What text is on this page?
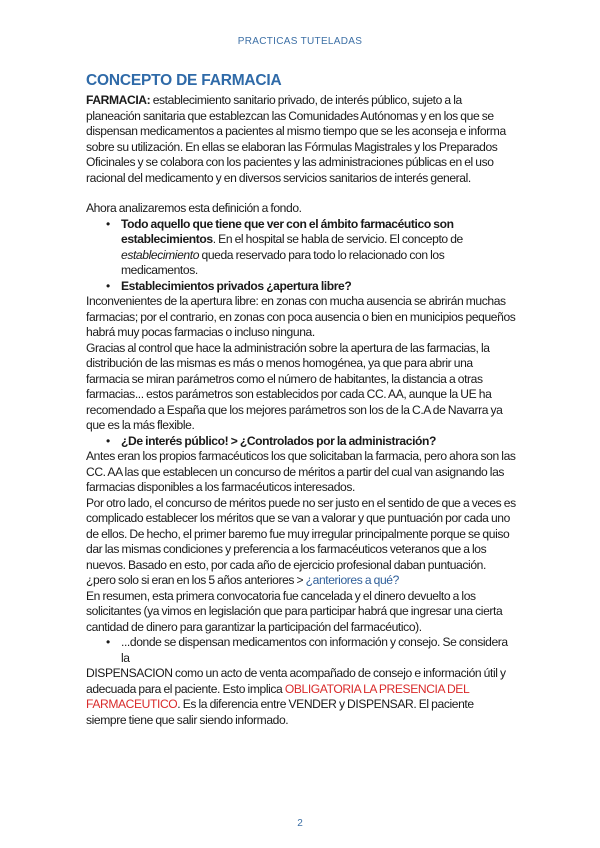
PRACTICAS TUTELADAS
CONCEPTO DE FARMACIA

FARMACIA: establecimiento sanitario privado, de interés público, sujeto a la planeación sanitaria que establezcan las Comunidades Autónomas y en los que se dispensan medicamentos a pacientes al mismo tiempo que se les aconseja e informa sobre su utilización. En ellas se elaboran las Fórmulas Magistrales y los Preparados Oficinales y se colabora con los pacientes y las administraciones públicas en el uso racional del medicamento y en diversos servicios sanitarios de interés general.

Ahora analizaremos esta definición a fondo.

• Todo aquello que tiene que ver con el ámbito farmacéutico son establecimientos. En el hospital se habla de servicio. El concepto de establecimiento queda reservado para todo lo relacionado con los medicamentos.
• Establecimientos privados ¿apertura libre?

Inconvenientes de la apertura libre: en zonas con mucha ausencia se abrirán muchas farmacias; por el contrario, en zonas con poca ausencia o bien en municipios pequeños habrá muy pocas farmacias o incluso ninguna.

Gracias al control que hace la administración sobre la apertura de las farmacias, la distribución de las mismas es más o menos homogénea, ya que para abrir una farmacia se miran parámetros como el número de habitantes, la distancia a otras farmacias... estos parámetros son establecidos por cada CC. AA, aunque la UE ha recomendado a España que los mejores parámetros son los de la C.A de Navarra ya que es la más flexible.

• ¿De interés público! > ¿Controlados por la administración?

Antes eran los propios farmacéuticos los que solicitaban la farmacia, pero ahora son las CC. AA las que establecen un concurso de méritos a partir del cual van asignando las farmacias disponibles a los farmacéuticos interesados.

Por otro lado, el concurso de méritos puede no ser justo en el sentido de que a veces es complicado establecer los méritos que se van a valorar y que puntuación por cada uno de ellos. De hecho, el primer baremo fue muy irregular principalmente porque se quiso dar las mismas condiciones y preferencia a los farmacéuticos veteranos que a los nuevos. Basado en esto, por cada año de ejercicio profesional daban puntuación. ¿pero solo si eran en los 5 años anteriores > ¿anteriores a qué?

En resumen, esta primera convocatoria fue cancelada y el dinero devuelto a los solicitantes (ya vimos en legislación que para participar habrá que ingresar una cierta cantidad de dinero para garantizar la participación del farmacéutico).

• ...donde se dispensan medicamentos con información y consejo. Se considera la

DISPENSACION como un acto de venta acompañado de consejo e información útil y adecuada para el paciente. Esto implica OBLIGATORIA LA PRESENCIA DEL FARMACEUTICO. Es la diferencia entre VENDER y DISPENSAR. El paciente siempre tiene que salir siendo informado.

2
